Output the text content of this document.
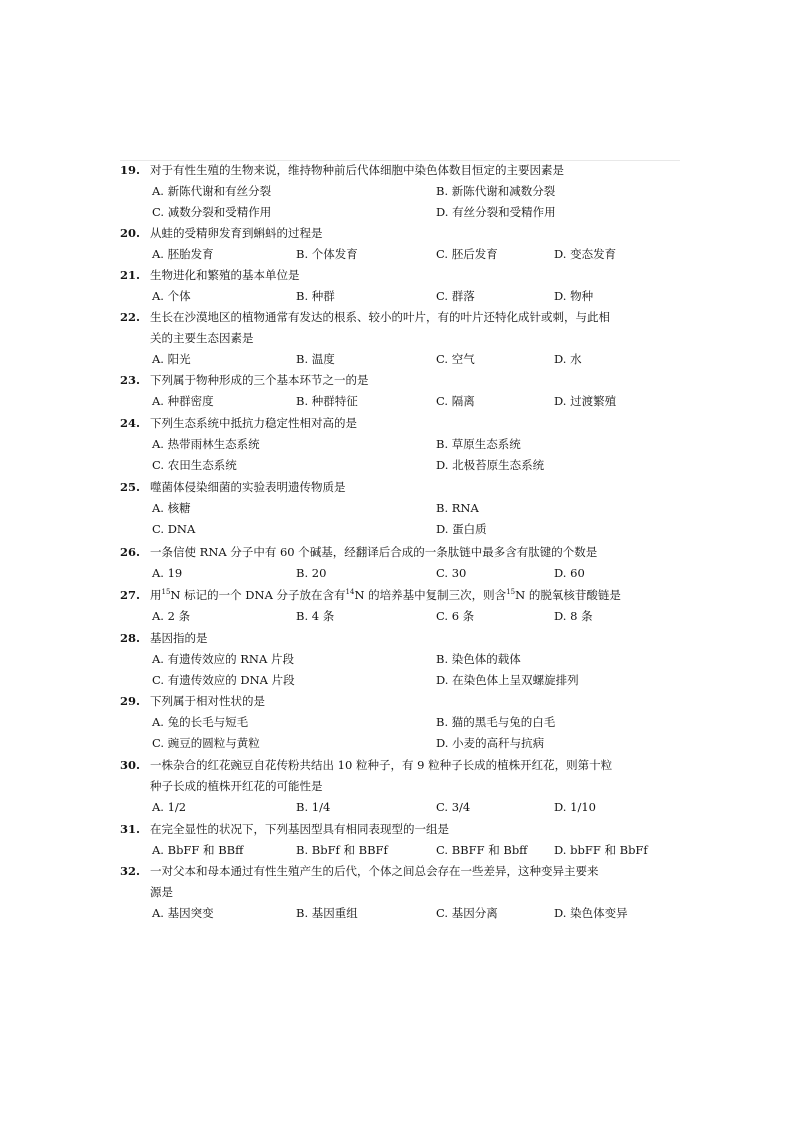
19. 对于有性生殖的生物来说，维持物种前后代体细胞中染色体数目恒定的主要因素是
A. 新陈代谢和有丝分裂	B. 新陈代谢和减数分裂
C. 减数分裂和受精作用	D. 有丝分裂和受精作用
20. 从蛙的受精卵发育到蝌蚪的过程是
A. 胚胎发育	B. 个体发育	C. 胚后发育	D. 变态发育
21. 生物进化和繁殖的基本单位是
A. 个体	B. 种群	C. 群落	D. 物种
22. 生长在沙漠地区的植物通常有发达的根系、较小的叶片，有的叶片还特化成针或刺，与此相
关的主要生态因素是
A. 阳光	B. 温度	C. 空气	D. 水
23. 下列属于物种形成的三个基本环节之一的是
A. 种群密度	B. 种群特征	C. 隔离	D. 过渡繁殖
24. 下列生态系统中抵抗力稳定性相对高的是
A. 热带雨林生态系统	B. 草原生态系统
C. 农田生态系统	D. 北极苔原生态系统
25. 噬菌体侵染细菌的实验表明遗传物质是
A. 核糖	B. RNA
C. DNA	D. 蛋白质
26. 一条信使 RNA 分子中有 60 个碱基，经翻译后合成的一条肽链中最多含有肽键的个数是
A. 19	B. 20	C. 30	D. 60
27. 用$^{15}$N 标记的一个 DNA 分子放在含有$^{14}$N 的培养基中复制三次，则含$^{15}$N 的脱氧核苷酸链是
A. 2 条	B. 4 条	C. 6 条	D. 8 条
28. 基因指的是
A. 有遗传效应的 RNA 片段	B. 染色体的载体
C. 有遗传效应的 DNA 片段	D. 在染色体上呈双螺旋排列
29. 下列属于相对性状的是
A. 兔的长毛与短毛	B. 猫的黑毛与兔的白毛
C. 豌豆的圆粒与黄粒	D. 小麦的高秆与抗病
30. 一株杂合的红花豌豆自花传粉共结出 10 粒种子，有 9 粒种子长成的植株开红花，则第十粒
种子长成的植株开红花的可能性是
A. 1/2	B. 1/4	C. 3/4	D. 1/10
31. 在完全显性的状况下，下列基因型具有相同表现型的一组是
A. BbFF 和 BBff	B. BbFf 和 BBFf	C. BBFF 和 Bbff D. bbFF 和 BbFf
32. 一对父本和母本通过有性生殖产生的后代，个体之间总会存在一些差异，这种变异主要来
源是
A. 基因突变	B. 基因重组	C. 基因分离	D. 染色体变异
